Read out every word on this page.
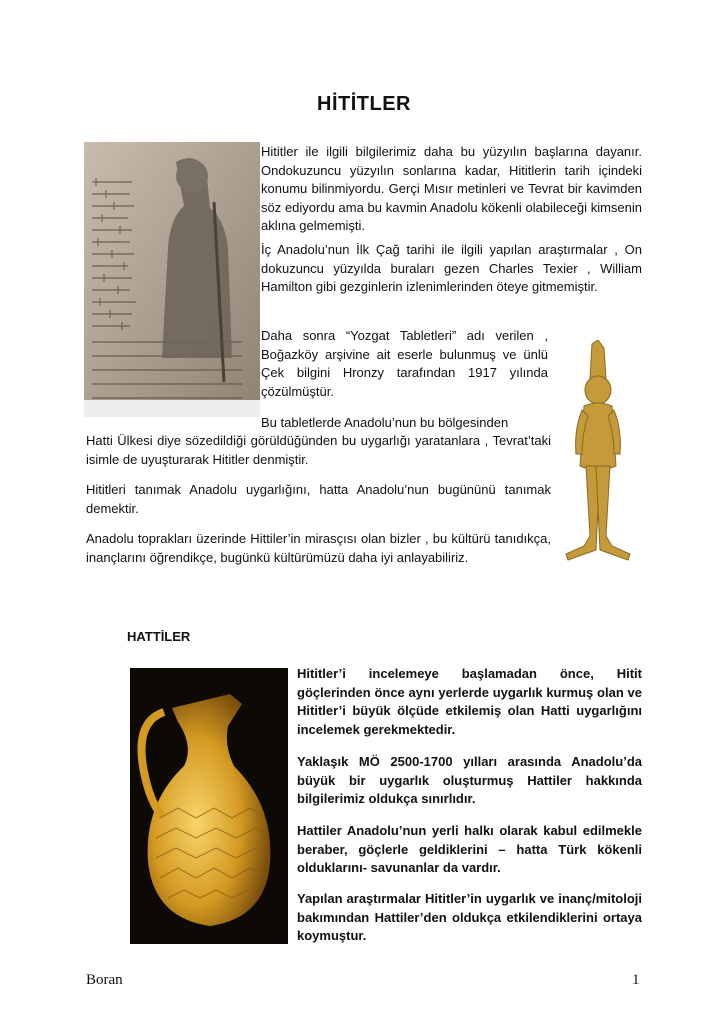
HİTİTLER
Hititler ile ilgili bilgilerimiz daha bu yüzyılın başlarına dayanır. Ondokuzuncu yüzyılın sonlarına kadar, Hititlerin tarih içindeki konumu bilinmiyordu. Gerçi Mısır metinleri ve Tevrat bir kavimden söz ediyordu ama bu kavmin Anadolu kökenli olabileceği kimsenin aklına gelmemişti.
İç Anadolu’nun İlk Çağ tarihi ile ilgili yapılan araştırmalar , On dokuzuncu yüzyılda buraları gezen Charles Texier , William Hamilton gibi gezginlerin izlenimlerinden öteye gitmemiştir.
Daha sonra “Yozgat Tabletleri” adı verilen , Boğazköy arşivine ait eserle bulunmuş ve ünlü Çek bilgini Hronzy tarafından 1917 yılında çözülmüştür.
Bu tabletlerde Anadolu’nun bu bölgesinden
Hatti Ülkesi diye sözedildiği görüldüğünden bu uygarlığı yaratanlara , Tevrat’taki isimle de uyuşturarak Hititler denmiştir.
Hititleri tanımak Anadolu uygarlığını, hatta Anadolu’nun bugününü tanımak demektir.
Anadolu toprakları üzerinde Hittiler’in mirasçısı olan bizler , bu kültürü tanıdıkça, inançlarını öğrendikçe, bugünkü kültürümüzü daha iyi anlayabiliriz.
HATTİLER
Hititler’i incelemeye başlamadan önce, Hitit göçlerinden önce aynı yerlerde uygarlık kurmuş olan ve Hititler’i büyük ölçüde etkilemiş olan Hatti uygarlığını incelemek gerekmektedir.
Yaklaşık MÖ 2500-1700 yılları arasında Anadolu’da büyük bir uygarlık oluşturmuş Hattiler hakkında bilgilerimiz oldukça sınırlıdır.
Hattiler Anadolu’nun yerli halkı olarak kabul edilmekle beraber, göçlerle geldiklerini – hatta Türk kökenli olduklarını- savunanlar da vardır.
Yapılan araştırmalar Hititler’in uygarlık ve inanç/mitoloji bakımından Hattiler’den oldukça etkilendiklerini ortaya koymuştur.
Boran	1
